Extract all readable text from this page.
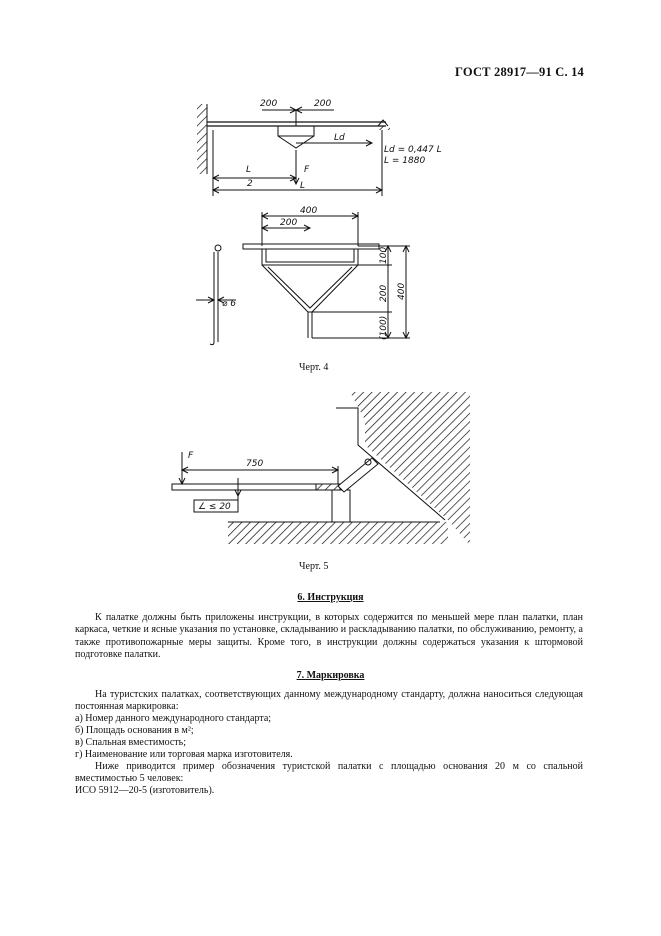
ГОСТ 28917—91 С. 14
200	200
Ld
Ld = 0,447 L
L = 1880
F
L
2	L
400
200
⌀ 6
100
200
(100)
400
Черт. 4
F
750
∠ ≤ 20
Черт. 5
6. Инструкция

К палатке должны быть приложены инструкции, в которых содержится по меньшей мере план палатки, план каркаса, четкие и ясные указания по установке, складыванию и раскладыванию палатки, по обслуживанию, ремонту, а также противопожарные меры защиты. Кроме того, в инструкции должны содержаться указания к штормовой подготовке палатки.

7. Маркировка

На туристских палатках, соответствующих данному международному стандарту, должна наноситься следующая постоянная маркировка:

а) Номер данного международного стандарта;
б) Площадь основания в м²;
в) Спальная вместимость;
г) Наименование или торговая марка изготовителя.

Ниже приводится пример обозначения туристской палатки с площадью основания 20 м со спальной вместимостью 5 человек:

ИСО 5912—20-5 (изготовитель).
